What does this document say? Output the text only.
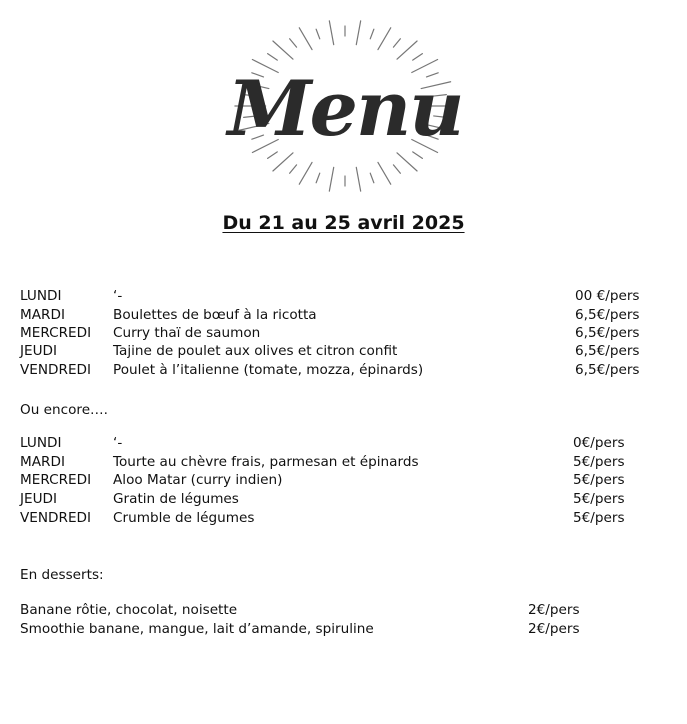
Menu
Du 21 au 25 avril 2025
LUNDI	‘-	00 €/pers
MARDI	Boulettes de bœuf à la ricotta	6,5€/pers
MERCREDI Curry thaï de saumon	6,5€/pers
JEUDI	Tajine de poulet aux olives et citron confit	6,5€/pers
VENDREDI Poulet à l’italienne (tomate, mozza, épinards)	6,5€/pers
Ou encore….
LUNDI	‘-	0€/pers
MARDI	Tourte au chèvre frais, parmesan et épinards	5€/pers
MERCREDI Aloo Matar (curry indien)	5€/pers
JEUDI	Gratin de légumes	5€/pers
VENDREDI Crumble de légumes	5€/pers
En desserts:
Banane rôtie, chocolat, noisette	2€/pers
Smoothie banane, mangue, lait d’amande, spiruline	2€/pers
